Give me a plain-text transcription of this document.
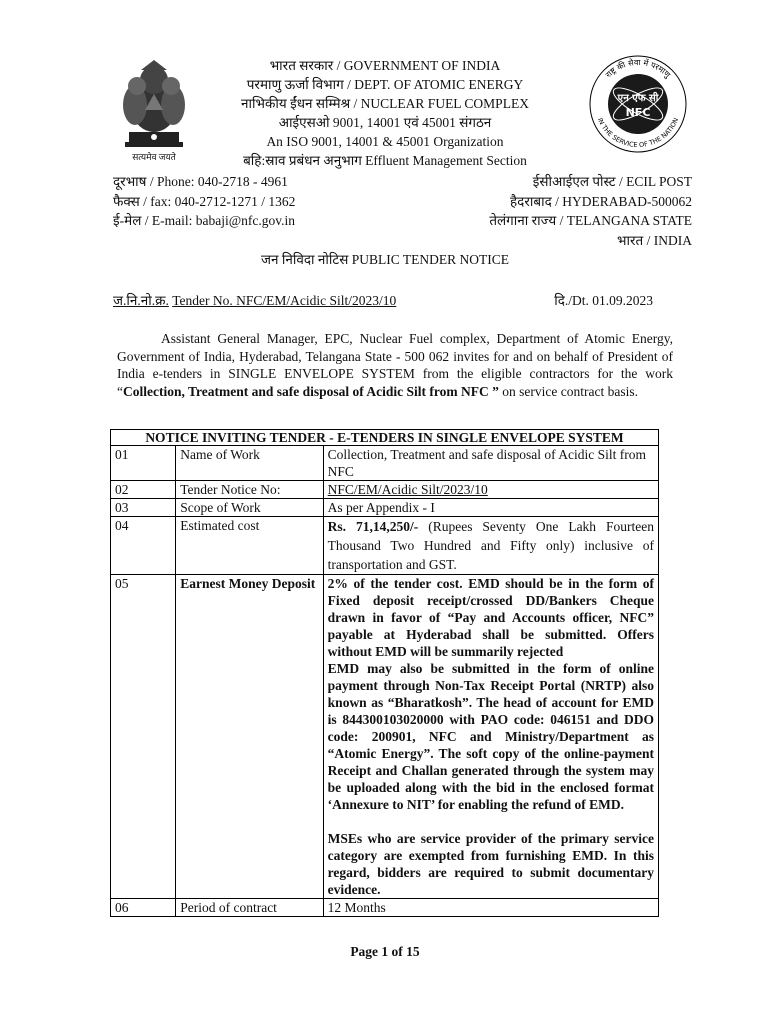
सत्यमेव जयते
राष्ट्र की सेवा में परमाणु
IN THE SERVICE OF THE NATION
एन एफ सी
NFC
भारत सरकार / GOVERNMENT OF INDIA
परमाणु ऊर्जा विभाग / DEPT. OF ATOMIC ENERGY
नाभिकीय ईंधन सम्मिश्र / NUCLEAR FUEL COMPLEX
आईएसओ 9001, 14001 एवं 45001 संगठन
An ISO 9001, 14001 & 45001 Organization
बहि:स्राव प्रबंधन अनुभाग Effluent Management Section
दूरभाष / Phone: 040-2718 - 4961
फैक्स / fax: 040-2712-1271 / 1362
ई-मेल / E-mail: babaji@nfc.gov.in
ईसीआईएल पोस्ट / ECIL POST
हैदराबाद / HYDERABAD-500062
तेलंगाना राज्य / TELANGANA STATE
भारत / INDIA
जन निविदा नोटिस PUBLIC TENDER NOTICE
ज.नि.नो.क्र. Tender No. NFC/EM/Acidic Silt/2023/10	दि./Dt. 01.09.2023
Assistant General Manager, EPC, Nuclear Fuel complex, Department of Atomic Energy, Government of India, Hyderabad, Telangana State - 500 062 invites for and on behalf of President of India e-tenders in SINGLE ENVELOPE SYSTEM from the eligible contractors for the work “Collection, Treatment and safe disposal of Acidic Silt from NFC ” on service contract basis.
NOTICE INVITING TENDER - E-TENDERS IN SINGLE ENVELOPE SYSTEM		
01	Name of Work	Collection, Treatment and safe disposal of Acidic Silt from NFC
02	Tender Notice No:	NFC/EM/Acidic Silt/2023/10
03	Scope of Work	As per Appendix - I
04	Estimated cost	Rs. 71,14,250/- (Rupees Seventy One Lakh Fourteen Thousand Two Hundred and Fifty only) inclusive of transportation and GST.
05	Earnest Money Deposit	2% of the tender cost. EMD should be in the form of Fixed deposit receipt/crossed DD/Bankers Cheque drawn in favor of “Pay and Accounts officer, NFC” payable at Hyderabad shall be submitted. Offers without EMD will be summarily rejected
EMD may also be submitted in the form of online payment through Non-Tax Receipt Portal (NRTP) also known as “Bharatkosh”. The head of account for EMD is 844300103020000 with PAO code: 046151 and DDO code: 200901, NFC and Ministry/Department as “Atomic Energy”. The soft copy of the online-payment Receipt and Challan generated through the system may be uploaded along with the bid in the enclosed format ‘Annexure to NIT’ for enabling the refund of EMD.
MSEs who are service provider of the primary service category are exempted from furnishing EMD. In this regard, bidders are required to submit documentary evidence.

06	Period of contract	12 Months
Page 1 of 15
